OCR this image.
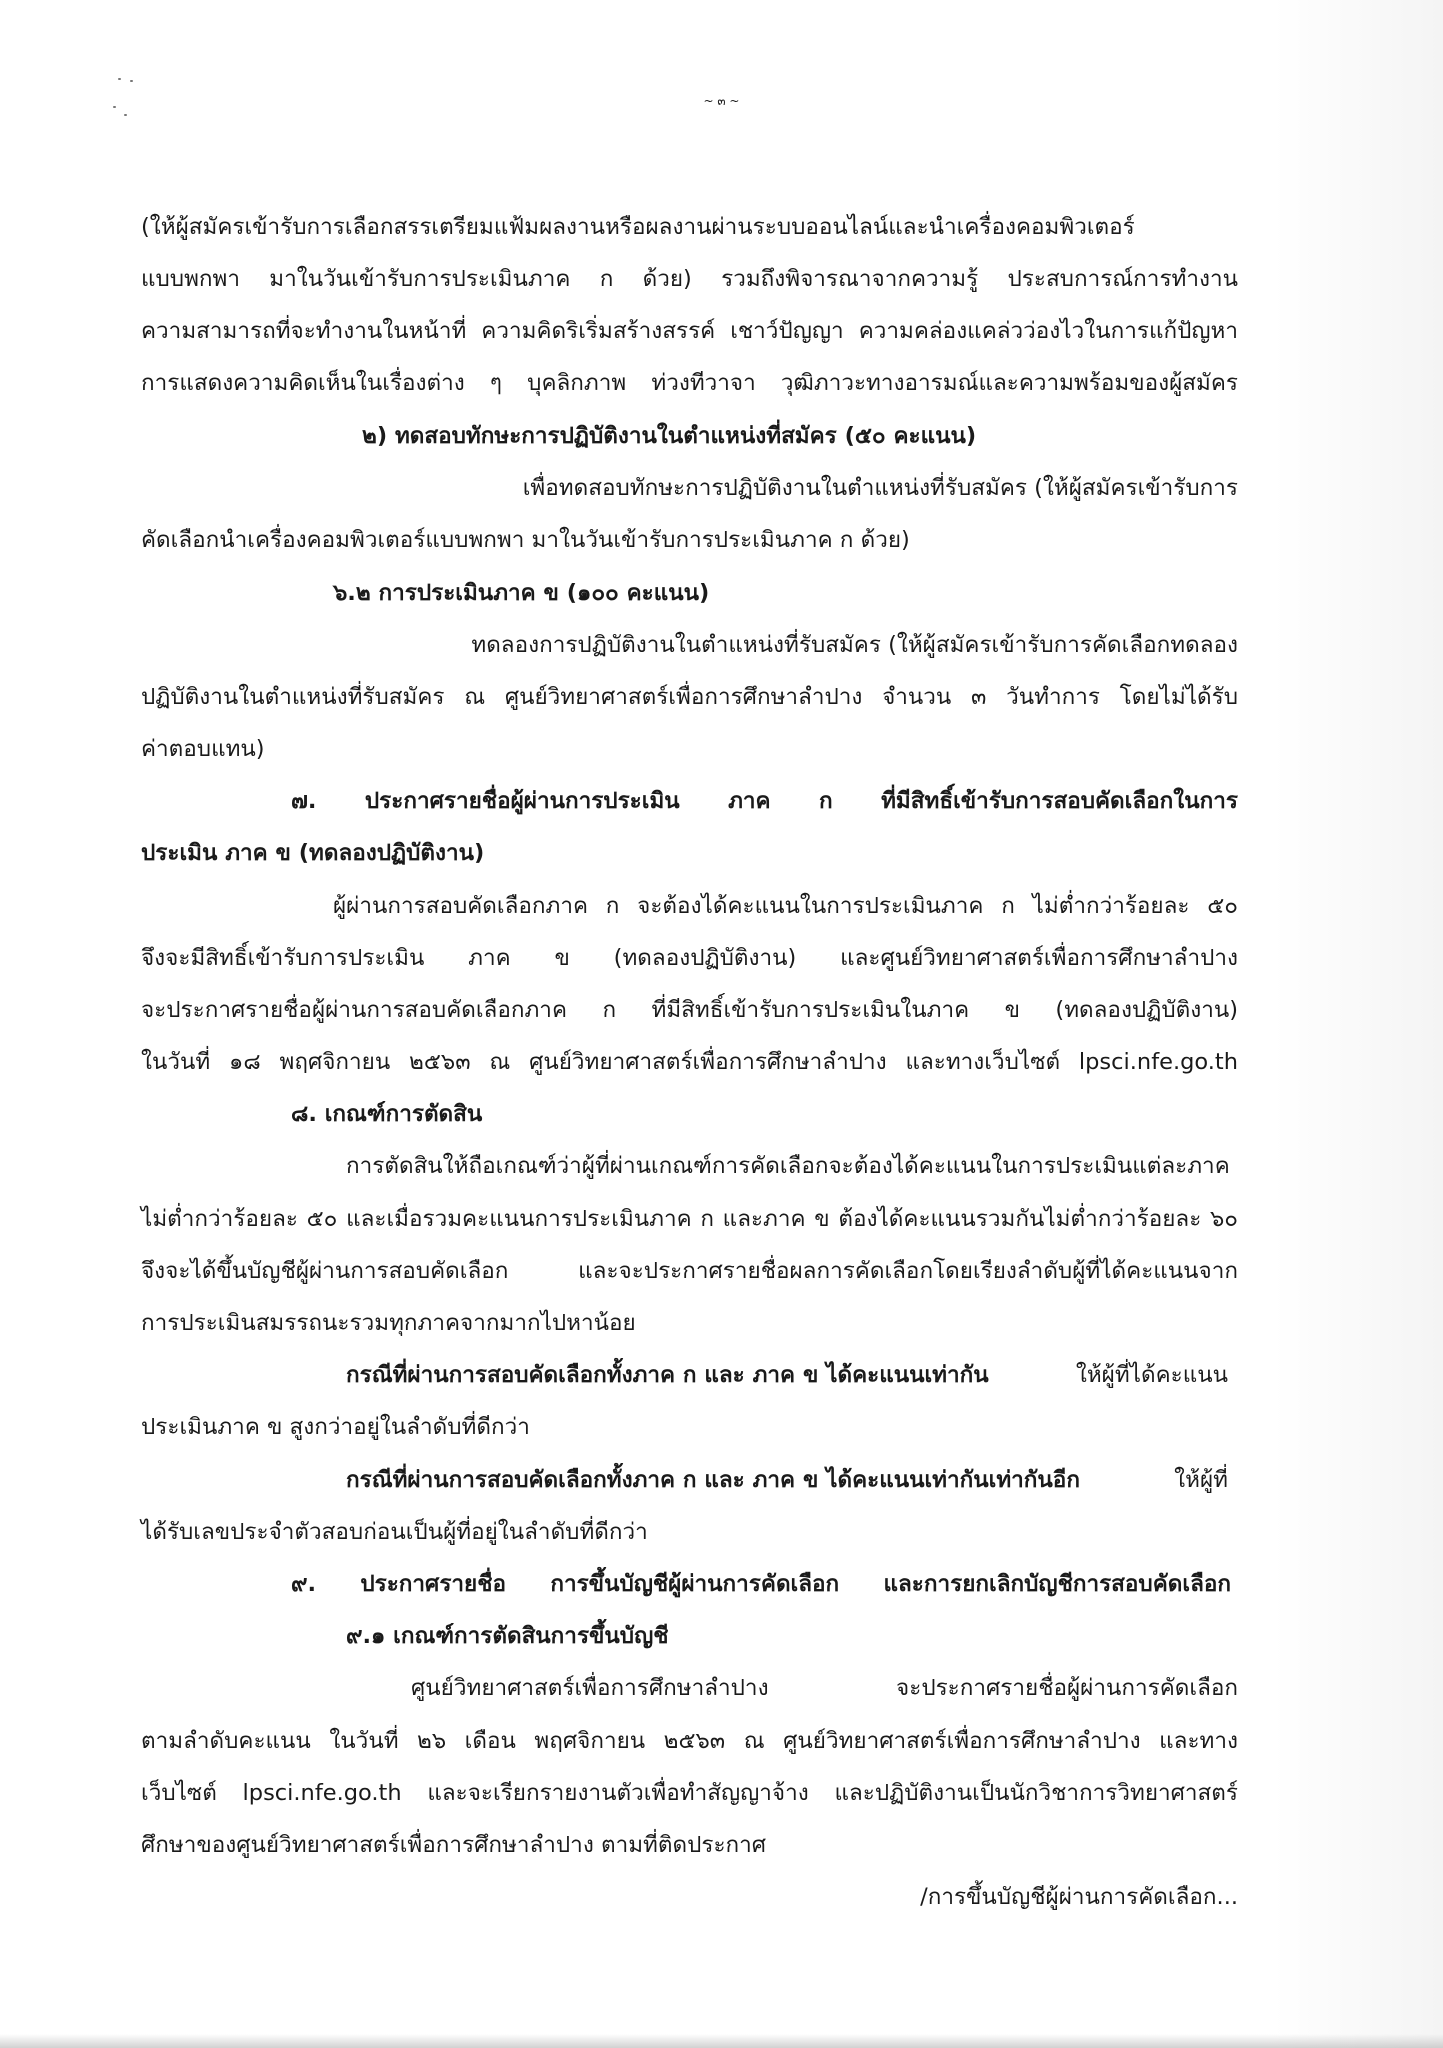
~ ๓ ~
(ให้ผู้สมัครเข้ารับการเลือกสรรเตรียมแฟ้มผลงานหรือผลงานผ่านระบบออนไลน์และนำเครื่องคอมพิวเตอร์
แบบพกพา มาในวันเข้ารับการประเมินภาค ก ด้วย) รวมถึงพิจารณาจากความรู้ ประสบการณ์การทำงาน
ความสามารถที่จะทำงานในหน้าที่ ความคิดริเริ่มสร้างสรรค์ เชาว์ปัญญา ความคล่องแคล่วว่องไวในการแก้ปัญหา
การแสดงความคิดเห็นในเรื่องต่าง ๆ บุคลิกภาพ ท่วงทีวาจา วุฒิภาวะทางอารมณ์และความพร้อมของผู้สมัคร
๒) ทดสอบทักษะการปฏิบัติงานในตำแหน่งที่สมัคร (๕๐ คะแนน)
เพื่อทดสอบทักษะการปฏิบัติงานในตำแหน่งที่รับสมัคร (ให้ผู้สมัครเข้ารับการ
คัดเลือกนำเครื่องคอมพิวเตอร์แบบพกพา มาในวันเข้ารับการประเมินภาค ก ด้วย)
๖.๒ การประเมินภาค ข (๑๐๐ คะแนน)
ทดลองการปฏิบัติงานในตำแหน่งที่รับสมัคร (ให้ผู้สมัครเข้ารับการคัดเลือกทดลอง
ปฏิบัติงานในตำแหน่งที่รับสมัคร ณ ศูนย์วิทยาศาสตร์เพื่อการศึกษาลำปาง จำนวน ๓ วันทำการ โดยไม่ได้รับ
ค่าตอบแทน)
๗. ประกาศรายชื่อผู้ผ่านการประเมิน ภาค ก ที่มีสิทธิ์เข้ารับการสอบคัดเลือกในการ
ประเมิน ภาค ข (ทดลองปฏิบัติงาน)
ผู้ผ่านการสอบคัดเลือกภาค ก จะต้องได้คะแนนในการประเมินภาค ก ไม่ต่ำกว่าร้อยละ ๕๐
จึงจะมีสิทธิ์เข้ารับการประเมิน ภาค ข (ทดลองปฏิบัติงาน) และศูนย์วิทยาศาสตร์เพื่อการศึกษาลำปาง
จะประกาศรายชื่อผู้ผ่านการสอบคัดเลือกภาค ก ที่มีสิทธิ์เข้ารับการประเมินในภาค ข (ทดลองปฏิบัติงาน)
ในวันที่ ๑๘ พฤศจิกายน ๒๕๖๓ ณ ศูนย์วิทยาศาสตร์เพื่อการศึกษาลำปาง และทางเว็บไซต์ lpsci.nfe.go.th
๘. เกณฑ์การตัดสิน
การตัดสินให้ถือเกณฑ์ว่าผู้ที่ผ่านเกณฑ์การคัดเลือกจะต้องได้คะแนนในการประเมินแต่ละภาค
ไม่ต่ำกว่าร้อยละ ๕๐ และเมื่อรวมคะแนนการประเมินภาค ก และภาค ข ต้องได้คะแนนรวมกันไม่ต่ำกว่าร้อยละ ๖๐
จึงจะได้ขึ้นบัญชีผู้ผ่านการสอบคัดเลือก และจะประกาศรายชื่อผลการคัดเลือกโดยเรียงลำดับผู้ที่ได้คะแนนจาก
การประเมินสมรรถนะรวมทุกภาคจากมากไปหาน้อย
กรณีที่ผ่านการสอบคัดเลือกทั้งภาค ก และ ภาค ข ได้คะแนนเท่ากัน	ให้ผู้ที่ได้คะแนน
ประเมินภาค ข สูงกว่าอยู่ในลำดับที่ดีกว่า
กรณีที่ผ่านการสอบคัดเลือกทั้งภาค ก และ ภาค ข ได้คะแนนเท่ากันเท่ากันอีก	ให้ผู้ที่
ได้รับเลขประจำตัวสอบก่อนเป็นผู้ที่อยู่ในลำดับที่ดีกว่า
๙. ประกาศรายชื่อ การขึ้นบัญชีผู้ผ่านการคัดเลือก และการยกเลิกบัญชีการสอบคัดเลือก
๙.๑ เกณฑ์การตัดสินการขึ้นบัญชี
ศูนย์วิทยาศาสตร์เพื่อการศึกษาลำปาง จะประกาศรายชื่อผู้ผ่านการคัดเลือก
ตามลำดับคะแนน ในวันที่ ๒๖ เดือน พฤศจิกายน ๒๕๖๓ ณ ศูนย์วิทยาศาสตร์เพื่อการศึกษาลำปาง และทาง
เว็บไซต์ lpsci.nfe.go.th และจะเรียกรายงานตัวเพื่อทำสัญญาจ้าง และปฏิบัติงานเป็นนักวิชาการวิทยาศาสตร์
ศึกษาของศูนย์วิทยาศาสตร์เพื่อการศึกษาลำปาง ตามที่ติดประกาศ
/การขึ้นบัญชีผู้ผ่านการคัดเลือก...
